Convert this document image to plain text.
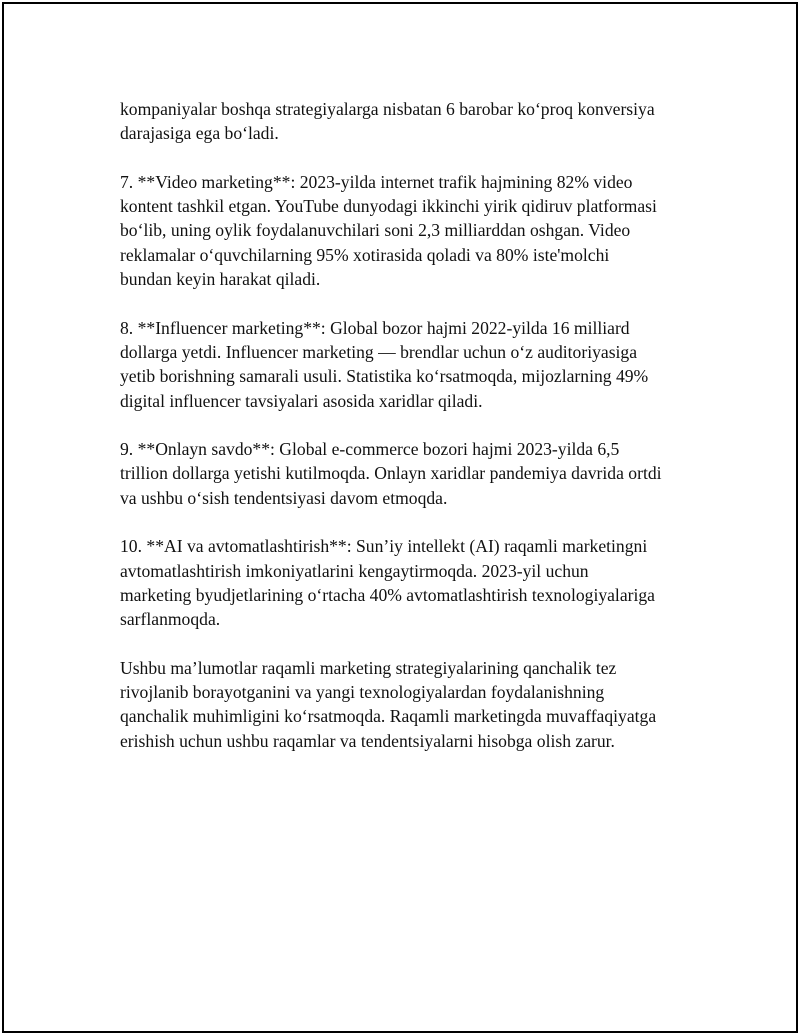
kompaniyalar boshqa strategiyalarga nisbatan 6 barobar ko‘proq konversiya
darajasiga ega bo‘ladi.

7. **Video marketing**: 2023-yilda internet trafik hajmining 82% video
kontent tashkil etgan. YouTube dunyodagi ikkinchi yirik qidiruv platformasi
bo‘lib, uning oylik foydalanuvchilari soni 2,3 milliarddan oshgan. Video
reklamalar o‘quvchilarning 95% xotirasida qoladi va 80% iste'molchi
bundan keyin harakat qiladi.

8. **Influencer marketing**: Global bozor hajmi 2022-yilda 16 milliard
dollarga yetdi. Influencer marketing — brendlar uchun o‘z auditoriyasiga
yetib borishning samarali usuli. Statistika ko‘rsatmoqda, mijozlarning 49%
digital influencer tavsiyalari asosida xaridlar qiladi.

9. **Onlayn savdo**: Global e-commerce bozori hajmi 2023-yilda 6,5
trillion dollarga yetishi kutilmoqda. Onlayn xaridlar pandemiya davrida ortdi
va ushbu o‘sish tendentsiyasi davom etmoqda.

10. **AI va avtomatlashtirish**: Sun’iy intellekt (AI) raqamli marketingni
avtomatlashtirish imkoniyatlarini kengaytirmoqda. 2023-yil uchun
marketing byudjetlarining o‘rtacha 40% avtomatlashtirish texnologiyalariga
sarflanmoqda.

Ushbu ma’lumotlar raqamli marketing strategiyalarining qanchalik tez
rivojlanib borayotganini va yangi texnologiyalardan foydalanishning
qanchalik muhimligini ko‘rsatmoqda. Raqamli marketingda muvaffaqiyatga
erishish uchun ushbu raqamlar va tendentsiyalarni hisobga olish zarur.
